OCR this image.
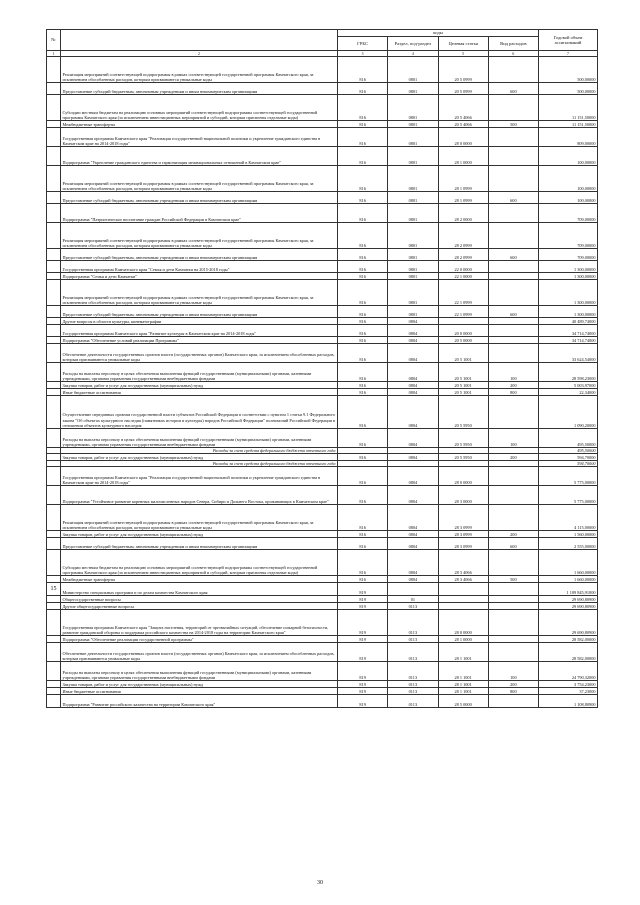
№		коды				Годовой объем ассигнований
		ГРБС	Раздел, под-раздел	Целевая статья	Вид расходов	
1	2	3	4	5	6	7
	Реализация мероприятий соответствующей подпрограммы в рамках соответствующей государственной программы Камчатского края, за исключением обособленных расходов, которым присваиваются уникальные коды	816	0801	20 5 0999		500,00000
	Предоставление субсидий бюджетным, автономным учреждениям и иным некоммерческим организациям	816	0801	20 5 0999	600	500,00000
	Субсидии местным бюджетам на реализацию основных мероприятий соответствующей подпрограммы соответствующей государственной программы Камчатского края (за исключением инвестиционных мероприятий и субсидий, которым присвоены отдельные коды)	816	0801	20 5 4066		11 151,50000
	Межбюджетные трансферты	816	0801	20 5 4066	500	11 151,50000
	Государственная программа Камчатского края "Реализация государственной национальной политики и укрепление гражданского единства в Камчатском крае на 2014-2018 годы"	816	0801	28 0 0000		809,00000
	Подпрограмма "Укрепление гражданского единства и гармонизация межнациональных отношений в Камчатском крае"	816	0801	28 1 0000		100,00000
	Реализация мероприятий соответствующей подпрограммы в рамках соответствующей государственной программы Камчатского края, за исключением обособленных расходов, которым присваиваются уникальные коды	816	0801	28 1 0999		100,00000
	Предоставление субсидий бюджетным, автономным учреждениям и иным некоммерческим организациям	816	0801	28 1 0999	600	100,00000
	Подпрограмма "Патриотическое воспитание граждан Российской Федерации в Камчатском крае"	816	0801	28 2 0000		709,00000
	Реализация мероприятий соответствующей подпрограммы в рамках соответствующей государственной программы Камчатского края, за исключением обособленных расходов, которым присваиваются уникальные коды	816	0801	28 2 0999		709,00000
	Предоставление субсидий бюджетным, автономным учреждениям и иным некоммерческим организациям	816	0801	28 2 0999	600	709,00000
	Государственная программа Камчатского края "Семья и дети Камчатки на 2015-2018 годы"	816	0801	22 0 0000		1 300,00000
	Подпрограмма "Семья и дети Камчатки"	816	0801	22 1 0000		1 300,00000
	Реализация мероприятий соответствующей подпрограммы в рамках соответствующей государственной программы Камчатского края, за исключением обособленных расходов, которым присваиваются уникальные коды	816	0801	22 1 0999		1 300,00000
	Предоставление субсидий бюджетным, автономным учреждениям и иным некоммерческим организациям	816	0801	22 1 0999	600	1 300,00000
	Другие вопросы в области культуры, кинематографии	816	0804			40 489,74000
	Государственная программа Камчатского края "Развитие культуры в Камчатском крае на 2014-2018 годы"	816	0804	20 0 0000		34 714,74000
	Подпрограмма "Обеспечение условий реализации Программы"	816	0804	20 5 0000		34 714,74000
	Обеспечение деятельности государственных органов власти (государственных органов) Камчатского края, за исключением обособленных расходов, которым присваиваются уникальные коды	816	0804	20 5 1001		33 624,54000
	Расходы на выплаты персоналу в целях обеспечения выполнения функций государственными (муниципальными) органами, казенными учреждениями, органами управления государственными внебюджетными фондами	816	0804	20 5 1001	100	28 598,23000
	Закупка товаров, работ и услуг для государственных (муниципальных) нужд	816	0804	20 5 1001	200	5 003,97000
	Иные бюджетные ассигнования	816	0804	20 5 1001	800	22,34000
	Осуществление переданных органам государственной власти субъектов Российской Федерации в соответствии с пунктом 1 статьи 9.1 Федерального закона "Об объектах культурного наследия (памятниках истории и культуры) народов Российской Федерации" полномочий Российской Федерации в отношении объектов культурного наследия	816	0804	20 5 5950		1 090,20000
	Расходы на выплаты персоналу в целях обеспечения выполнения функций государственными (муниципальными) органами, казенными учреждениями, органами управления государственными внебюджетными фондами	816	0804	20 5 5950	100	495,50000
	Расходы за счет средств федерального бюджета отчетного года					495,50000
	Закупка товаров, работ и услуг для государственных (муниципальных) нужд	816	0804	20 5 5950	200	594,70000
	Расходы за счет средств федерального бюджета отчетного года					594,70000
	Государственная программа Камчатского края "Реализация государственной национальной политики и укрепление гражданского единства в Камчатском крае на 2014-2018 годы"	816	0804	28 0 0000		5 775,00000
	Подпрограмма "Устойчивое развитие коренных малочисленных народов Севера, Сибири и Дальнего Востока, проживающих в Камчатском крае"	816	0804	28 3 0000		5 775,00000
	Реализация мероприятий соответствующей подпрограммы в рамках соответствующей государственной программы Камчатского края, за исключением обособленных расходов, которым присваиваются уникальные коды	816	0804	28 3 0999		4 115,00000
	Закупка товаров, работ и услуг для государственных (муниципальных) нужд	816	0804	28 3 0999	200	1 560,00000
	Предоставление субсидий бюджетным, автономным учреждениям и иным некоммерческим организациям	816	0804	28 3 0999	600	2 555,00000
	Субсидии местным бюджетам на реализацию основных мероприятий соответствующей подпрограммы соответствующей государственной программы Камчатского края (за исключением инвестиционных мероприятий и субсидий, которым присвоены отдельные коды)	816	0804	28 3 4066		1 660,00000
	Межбюджетные трансферты	816	0804	28 3 4066	500	1 660,00000
15	Министерство специальных программ и по делам казачества Камчатского края	819				1 109 845,91000
	Общегосударственные вопросы	819	01			29 690,80900
	Другие общегосударственные вопросы	819	0113			29 690,80900
	Государственная программа Камчатского края "Защита населения, территорий от чрезвычайных ситуаций, обеспечение пожарной безопасности, развитие гражданской обороны и поддержка российского казачества на 2014-2018 годы на территории Камчатского края"	819	0113	28 0 0000		29 690,80900
	Подпрограмма "Обеспечение реализации государственной программы"	819	0113	28 1 0000		28 582,00000
	Обеспечение деятельности государственных органов власти (государственных органов) Камчатского края, за исключением обособленных расходов, которым присваиваются уникальные коды	819	0113	28 1 1001		28 582,00000
	Расходы на выплаты персоналу в целях обеспечения выполнения функций государственными (муниципальными) органами, казенными учреждениями, органами управления государственными внебюджетными фондами	819	0113	28 1 1001	100	24 790,32000
	Закупка товаров, работ и услуг для государственных (муниципальных) нужд	819	0113	28 1 1001	200	3 754,23000
	Иные бюджетные ассигнования	819	0113	28 1 1001	800	37,23000
	Подпрограмма "Развитие российского казачества на территории Камчатского края"	819	0113	28 5 0000		1 108,80900
30
